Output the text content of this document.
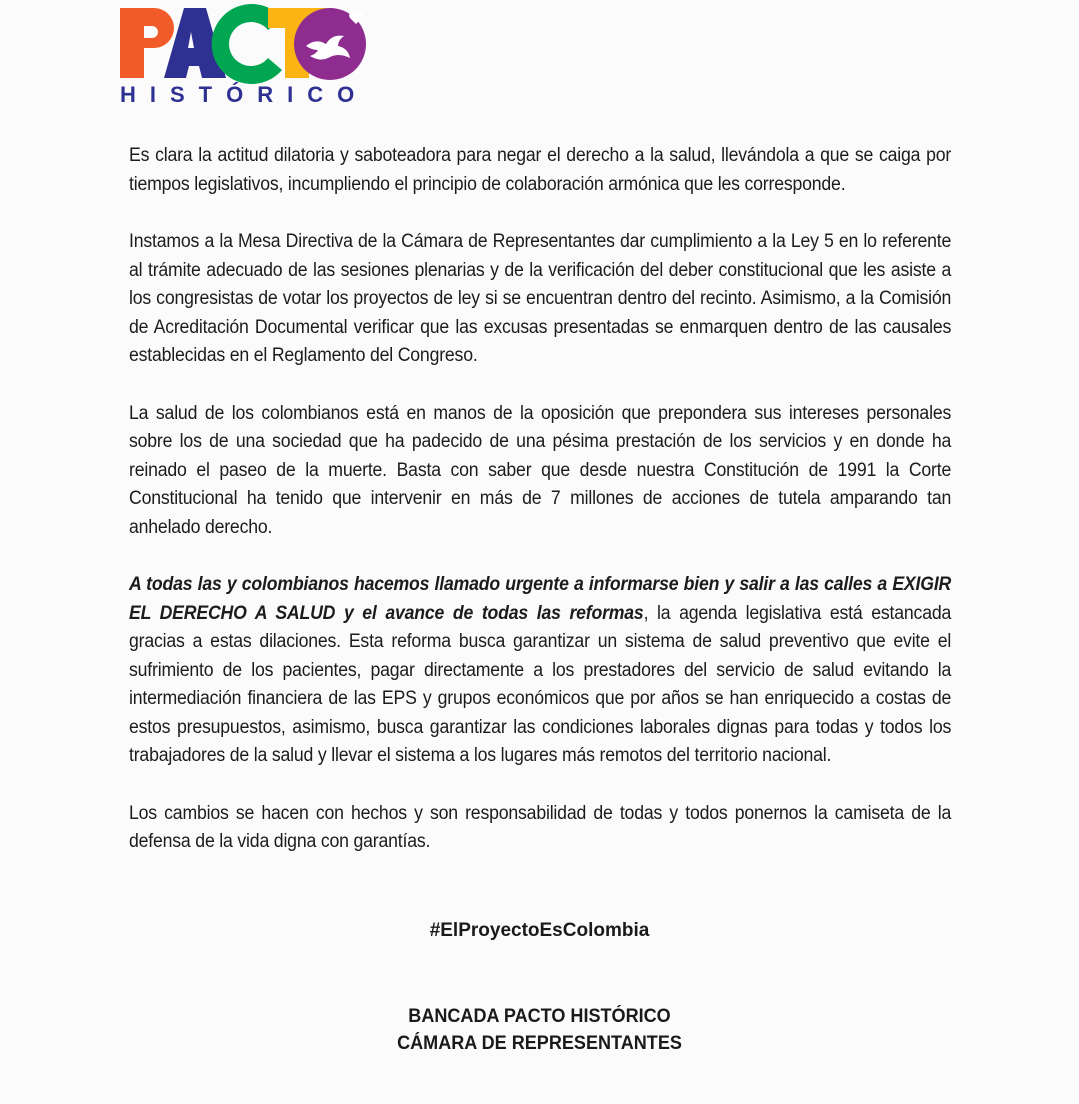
HISTÓRICO

Es clara la actitud dilatoria y saboteadora para negar el derecho a la salud, llevándola a que se caiga por tiempos legislativos, incumpliendo el principio de colaboración armónica que les corresponde.

Instamos a la Mesa Directiva de la Cámara de Representantes dar cumplimiento a la Ley 5 en lo referente al trámite adecuado de las sesiones plenarias y de la verificación del deber constitucional que les asiste a los congresistas de votar los proyectos de ley si se encuentran dentro del recinto. Asimismo, a la Comisión de Acreditación Documental verificar que las excusas presentadas se enmarquen dentro de las causales establecidas en el Reglamento del Congreso.

La salud de los colombianos está en manos de la oposición que prepondera sus intereses personales sobre los de una sociedad que ha padecido de una pésima prestación de los servicios y en donde ha reinado el paseo de la muerte. Basta con saber que desde nuestra Constitución de 1991 la Corte Constitucional ha tenido que intervenir en más de 7 millones de acciones de tutela amparando tan anhelado derecho.

A todas las y colombianos hacemos llamado urgente a informarse bien y salir a las calles a EXIGIR EL DERECHO A SALUD y el avance de todas las reformas, la agenda legislativa está estancada gracias a estas dilaciones. Esta reforma busca garantizar un sistema de salud preventivo que evite el sufrimiento de los pacientes, pagar directamente a los prestadores del servicio de salud evitando la intermediación financiera de las EPS y grupos económicos que por años se han enriquecido a costas de estos presupuestos, asimismo, busca garantizar las condiciones laborales dignas para todas y todos los trabajadores de la salud y llevar el sistema a los lugares más remotos del territorio nacional.

Los cambios se hacen con hechos y son responsabilidad de todas y todos ponernos la camiseta de la defensa de la vida digna con garantías.

#ElProyectoEsColombia
BANCADA PACTO HISTÓRICO
CÁMARA DE REPRESENTANTES
